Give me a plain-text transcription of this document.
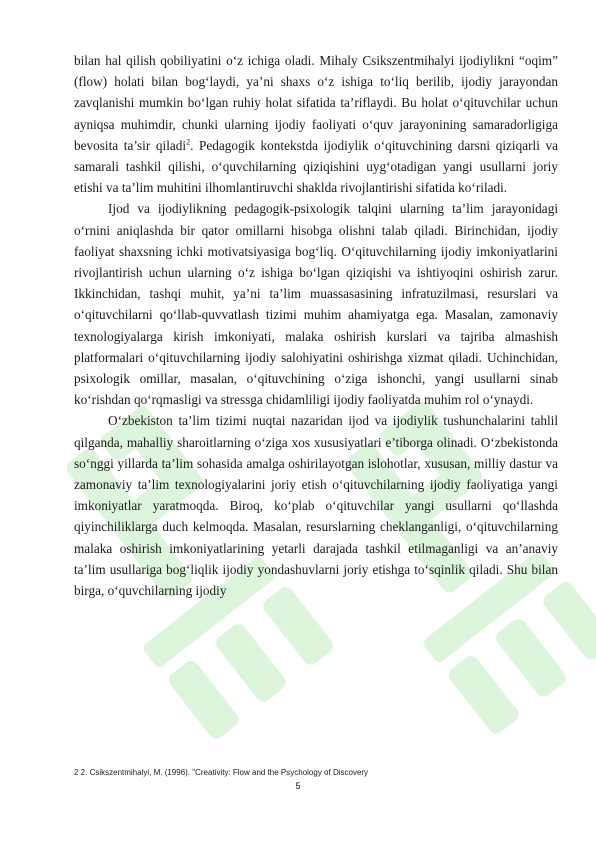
bilan hal qilish qobiliyatini o‘z ichiga oladi. Mihaly Csikszentmihalyi ijodiylikni “oqim” (flow) holati bilan bog‘laydi, ya’ni shaxs o‘z ishiga to‘liq berilib, ijodiy jarayondan zavqlanishi mumkin bo‘lgan ruhiy holat sifatida ta’riflaydi. Bu holat o‘qituvchilar uchun ayniqsa muhimdir, chunki ularning ijodiy faoliyati o‘quv jarayonining samaradorligiga bevosita ta’sir qiladi$^2$. Pedagogik kontekstda ijodiylik o‘qituvchining darsni qiziqarli va samarali tashkil qilishi, o‘quvchilarning qiziqishini uyg‘otadigan yangi usullarni joriy etishi va ta’lim muhitini ilhomlantiruvchi shaklda rivojlantirishi sifatida ko‘riladi.

Ijod va ijodiylikning pedagogik-psixologik talqini ularning ta’lim jarayonidagi o‘rnini aniqlashda bir qator omillarni hisobga olishni talab qiladi. Birinchidan, ijodiy faoliyat shaxsning ichki motivatsiyasiga bog‘liq. O‘qituvchilarning ijodiy imkoniyatlarini rivojlantirish uchun ularning o‘z ishiga bo‘lgan qiziqishi va ishtiyoqini oshirish zarur. Ikkinchidan, tashqi muhit, ya’ni ta’lim muassasasining infratuzilmasi, resurslari va o‘qituvchilarni qo‘llab-quvvatlash tizimi muhim ahamiyatga ega. Masalan, zamonaviy texnologiyalarga kirish imkoniyati, malaka oshirish kurslari va tajriba almashish platformalari o‘qituvchilarning ijodiy salohiyatini oshirishga xizmat qiladi. Uchinchidan, psixologik omillar, masalan, o‘qituvchining o‘ziga ishonchi, yangi usullarni sinab ko‘rishdan qo‘rqmasligi va stressga chidamliligi ijodiy faoliyatda muhim rol o‘ynaydi.

O‘zbekiston ta’lim tizimi nuqtai nazaridan ijod va ijodiylik tushunchalarini tahlil qilganda, mahalliy sharoitlarning o‘ziga xos xususiyatlari e’tiborga olinadi. O‘zbekistonda so‘nggi yillarda ta’lim sohasida amalga oshirilayotgan islohotlar, xususan, milliy dastur va zamonaviy ta’lim texnologiyalarini joriy etish o‘qituvchilarning ijodiy faoliyatiga yangi imkoniyatlar yaratmoqda. Biroq, ko‘plab o‘qituvchilar yangi usullarni qo‘llashda qiyinchiliklarga duch kelmoqda. Masalan, resurslarning cheklanganligi, o‘qituvchilarning malaka oshirish imkoniyatlarining yetarli darajada tashkil etilmaganligi va an’anaviy ta’lim usullariga bog‘liqlik ijodiy yondashuvlarni joriy etishga to‘sqinlik qiladi. Shu bilan birga, o‘quvchilarning ijodiy

2 2. Csikszentmihalyi, M. (1996). "Creativity: Flow and the Psychology of Discovery
5
